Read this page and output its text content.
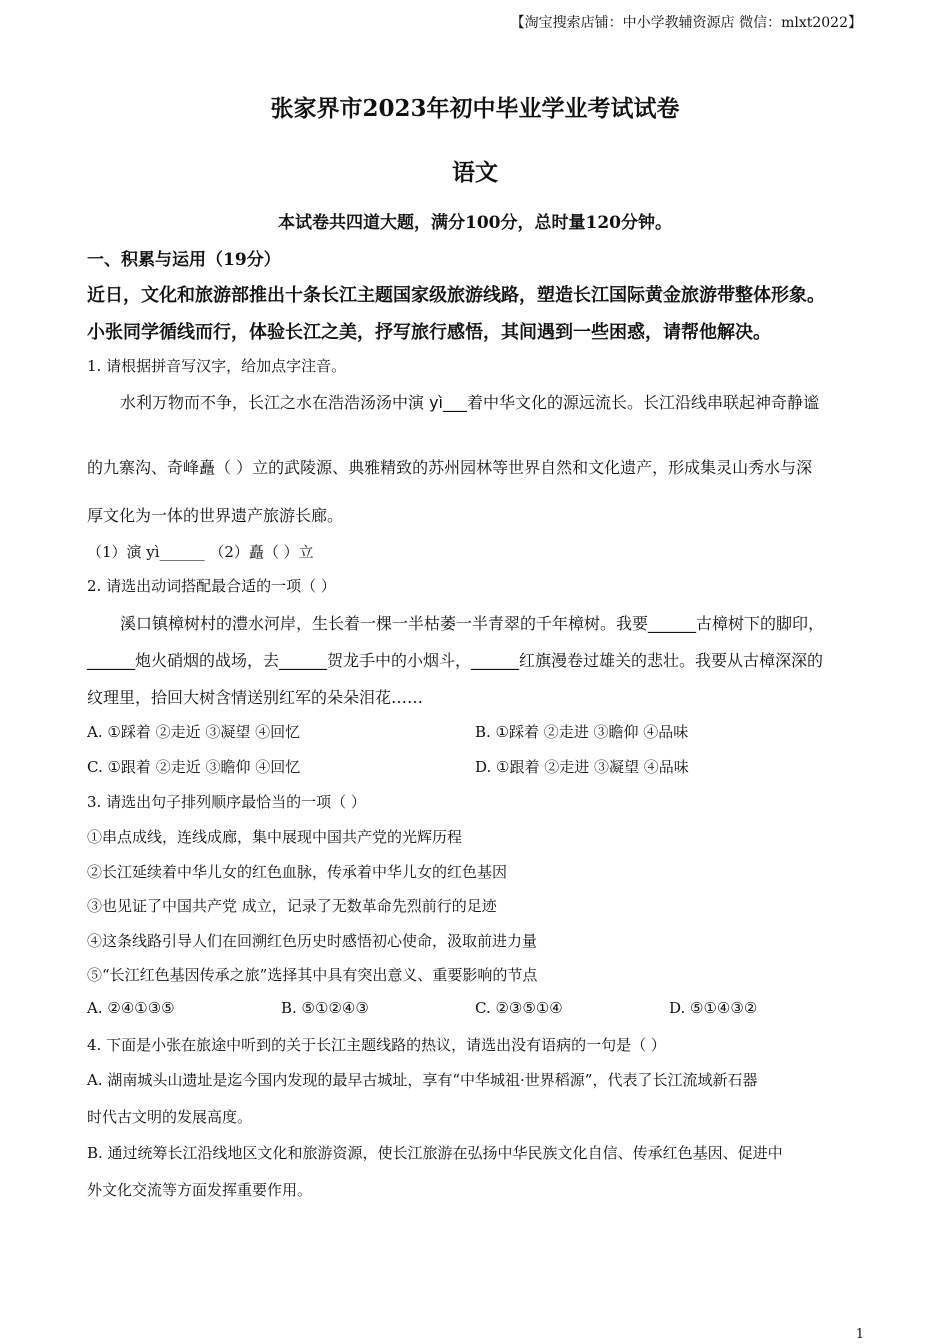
【淘宝搜索店铺：中小学教辅资源店 微信：mlxt2022】
张家界市2023年初中毕业学业考试试卷
语文
本试卷共四道大题，满分100分，总时量120分钟。
一、积累与运用（19分）
近日，文化和旅游部推出十条长江主题国家级旅游线路，塑造长江国际黄金旅游带整体形象。
小张同学循线而行，体验长江之美，抒写旅行感悟，其间遇到一些困惑，请帮他解决。
1. 请根据拼音写汉字，给加点字注音。
水利万物而不争，长江之水在浩浩汤汤中演 yì___着中华文化的源远流长。长江沿线串联起神奇静谧
的九寨沟、奇峰矗（ ）立的武陵源、典雅精致的苏州园林等世界自然和文化遗产，形成集灵山秀水与深
厚文化为一体的世界遗产旅游长廊。
（1）演 yì______ （2）矗（ ）立
2. 请选出动词搭配最合适的一项（ ）
溪口镇樟树村的澧水河岸，生长着一棵一半枯萎一半青翠的千年樟树。我要______古樟树下的脚印，
______炮火硝烟的战场，去______贺龙手中的小烟斗，______红旗漫卷过雄关的悲壮。我要从古樟深深的
纹理里，拾回大树含情送别红军的朵朵泪花……
A. ①踩着 ②走近 ③凝望 ④回忆	B. ①踩着 ②走进 ③瞻仰 ④品味
C. ①跟着 ②走近 ③瞻仰 ④回忆	D. ①跟着 ②走进 ③凝望 ④品味
3. 请选出句子排列顺序最恰当的一项（ ）
①串点成线，连线成廊，集中展现中国共产党的光辉历程
②长江延续着中华儿女的红色血脉，传承着中华儿女的红色基因
③也见证了中国共产党 成立，记录了无数革命先烈前行的足迹
④这条线路引导人们在回溯红色历史时感悟初心使命，汲取前进力量
⑤“长江红色基因传承之旅”选择其中具有突出意义、重要影响的节点
A. ②④①③⑤	B. ⑤①②④③	C. ②③⑤①④	D. ⑤①④③②
4. 下面是小张在旅途中听到的关于长江主题线路的热议，请选出没有语病的一句是（ ）
A. 湖南城头山遗址是迄今国内发现的最早古城址，享有“中华城祖·世界稻源”，代表了长江流域新石器
时代古文明的发展高度。
B. 通过统筹长江沿线地区文化和旅游资源，使长江旅游在弘扬中华民族文化自信、传承红色基因、促进中
外文化交流等方面发挥重要作用。
1
